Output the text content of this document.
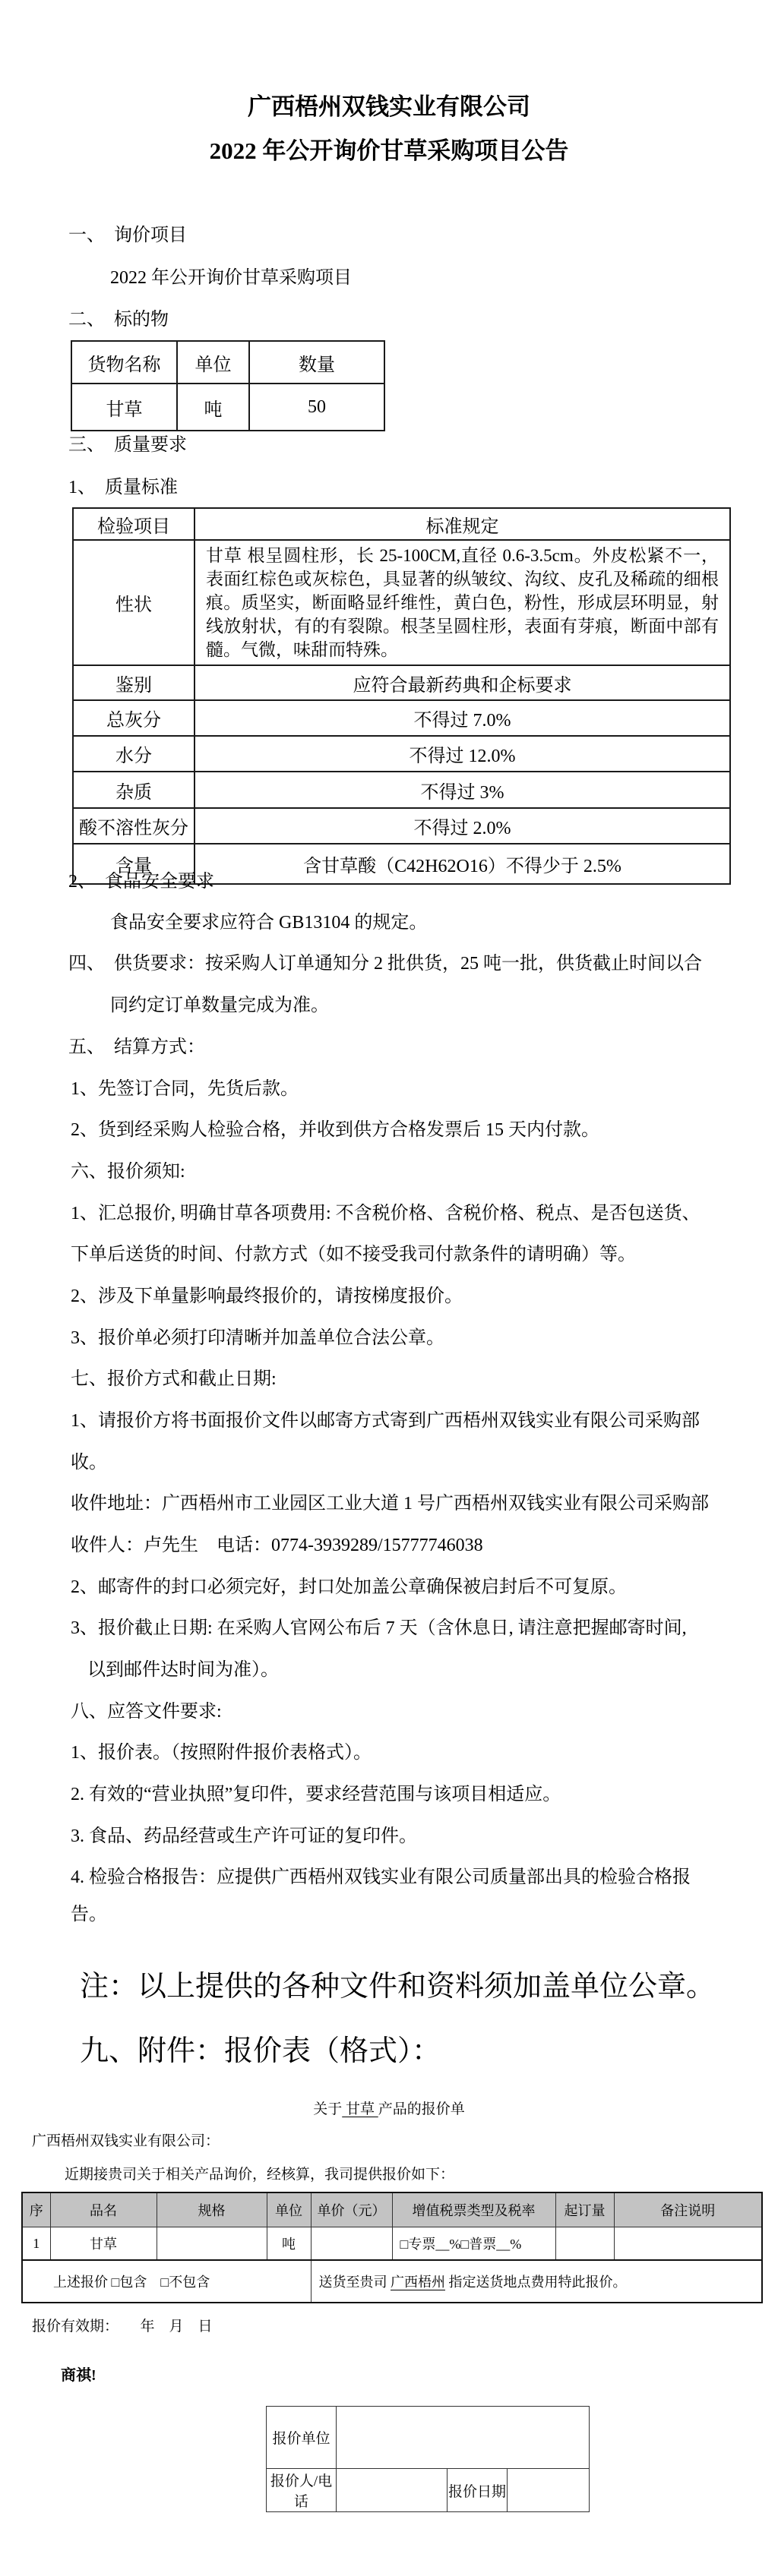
广西梧州双钱实业有限公司
2022 年公开询价甘草采购项目公告
一、　询价项目
2022 年公开询价甘草采购项目
二、　标的物
货物名称	单位	数量
甘草	吨	50
三、　质量要求
1、　质量标准
检验项目	标准规定
性状	甘草 根呈圆柱形，长 25-100CM,直径 0.6-3.5cm。外皮松紧不一，表面红棕色或灰棕色，具显著的纵皱纹、沟纹、皮孔及稀疏的细根痕。质坚实，断面略显纤维性，黄白色，粉性，形成层环明显，射线放射状，有的有裂隙。根茎呈圆柱形，表面有芽痕，断面中部有髓。气微，味甜而特殊。
鉴别	应符合最新药典和企标要求
总灰分	不得过 7.0%
水分	不得过 12.0%
杂质	不得过 3%
酸不溶性灰分	不得过 2.0%
含量	含甘草酸（C42H62O16）不得少于 2.5%
2、　食品安全要求
食品安全要求应符合 GB13104 的规定。
四、　供货要求：按采购人订单通知分 2 批供货，25 吨一批，供货截止时间以合
同约定订单数量完成为准。
五、　结算方式：
1、先签订合同，先货后款。
2、货到经采购人检验合格，并收到供方合格发票后 15 天内付款。
六、报价须知:
1、汇总报价, 明确甘草各项费用: 不含税价格、含税价格、税点、是否包送货、
下单后送货的时间、付款方式（如不接受我司付款条件的请明确）等。
2、涉及下单量影响最终报价的，请按梯度报价。
3、报价单必须打印清晰并加盖单位合法公章。
七、报价方式和截止日期:
1、请报价方将书面报价文件以邮寄方式寄到广西梧州双钱实业有限公司采购部
收。
收件地址：广西梧州市工业园区工业大道 1 号广西梧州双钱实业有限公司采购部
收件人：卢先生　电话：0774-3939289/15777746038
2、邮寄件的封口必须完好，封口处加盖公章确保被启封后不可复原。
3、报价截止日期: 在采购人官网公布后 7 天（含休息日, 请注意把握邮寄时间,
以到邮件达时间为准）。
八、应答文件要求:
1、报价表。（按照附件报价表格式）。
2. 有效的“营业执照”复印件，要求经营范围与该项目相适应。
3. 食品、药品经营或生产许可证的复印件。
4. 检验合格报告：应提供广西梧州双钱实业有限公司质量部出具的检验合格报
告。
注：以上提供的各种文件和资料须加盖单位公章。
九、附件：报价表（格式）：
关于 甘草 产品的报价单
广西梧州双钱实业有限公司：
近期接贵司关于相关产品询价，经核算，我司提供报价如下：
序	品名	规格	单位	单价（元）	增值税票类型及税率	起订量	备注说明
1	甘草		吨		□专票__%□普票__%		
上述报价 □包含　□不包含				送货至贵司 广西梧州 指定送货地点费用特此报价。			
报价有效期：      年    月    日
商祺!
报价单位			
报价人/电话		报价日期	
